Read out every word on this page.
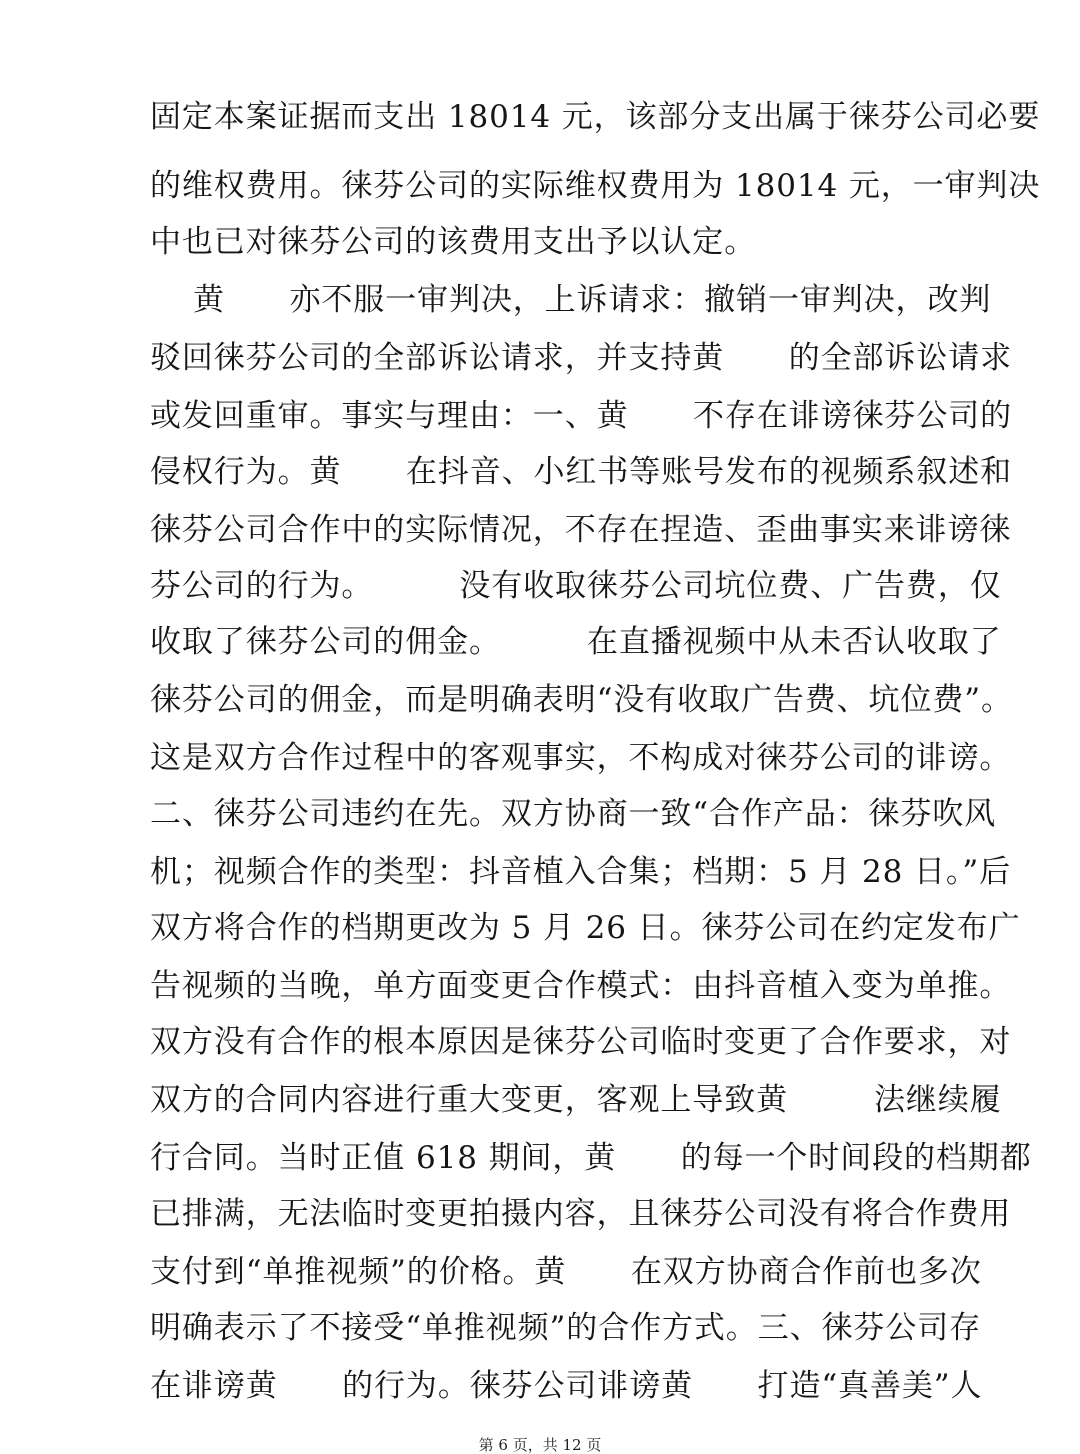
固定本案证据而支出 18014 元，该部分支出属于徕芬公司必要
的维权费用。徕芬公司的实际维权费用为 18014 元，一审判决
中也已对徕芬公司的该费用支出予以认定。
黄      亦不服一审判决，上诉请求：撤销一审判决，改判
驳回徕芬公司的全部诉讼请求，并支持黄      的全部诉讼请求
或发回重审。事实与理由：一、黄      不存在诽谤徕芬公司的
侵权行为。黄      在抖音、小红书等账号发布的视频系叙述和
徕芬公司合作中的实际情况，不存在捏造、歪曲事实来诽谤徕
芬公司的行为。        没有收取徕芬公司坑位费、广告费，仅
收取了徕芬公司的佣金。        在直播视频中从未否认收取了
徕芬公司的佣金，而是明确表明“没有收取广告费、坑位费”。
这是双方合作过程中的客观事实，不构成对徕芬公司的诽谤。
二、徕芬公司违约在先。双方协商一致“合作产品：徕芬吹风
机；视频合作的类型：抖音植入合集；档期：5 月 28 日。”后
双方将合作的档期更改为 5 月 26 日。徕芬公司在约定发布广
告视频的当晚，单方面变更合作模式：由抖音植入变为单推。
双方没有合作的根本原因是徕芬公司临时变更了合作要求，对
双方的合同内容进行重大变更，客观上导致黄        法继续履
行合同。当时正值 618 期间，黄      的每一个时间段的档期都
已排满，无法临时变更拍摄内容，且徕芬公司没有将合作费用
支付到“单推视频”的价格。黄      在双方协商合作前也多次
明确表示了不接受“单推视频”的合作方式。三、徕芬公司存
在诽谤黄      的行为。徕芬公司诽谤黄      打造“真善美”人
第 6 页，共 12 页
